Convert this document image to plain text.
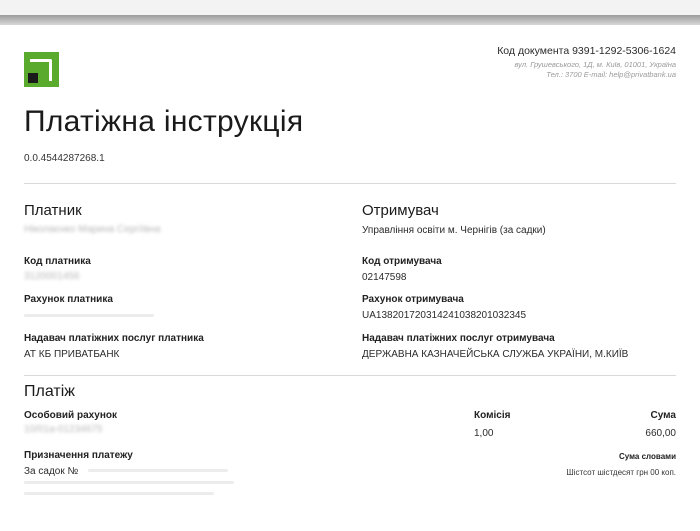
Код документа 9391-1292-5306-1624
вул. Грушевського, 1Д, м. Київ, 01001, Україна
Тел.: 3700 E-mail: help@privatbank.ua
Платіжна інструкція
0.0.4544287268.1
Платник
Ніколаєнко Марина Сергіївна
Код платника
3120001456
Рахунок платника
Надавач платіжних послуг платника
АТ КБ ПРИВАТБАНК
Отримувач
Управління освіти м. Чернігів (за садки)
Код отримувача
02147598
Рахунок отримувача
UA138201720314241038201032345
Надавач платіжних послуг отримувача
ДЕРЖАВНА КАЗНАЧЕЙСЬКА СЛУЖБА УКРАЇНИ, М.КИЇВ
Платіж
Особовий рахунок
10/01a-01234675
Комісія
1,00
Сума
660,00
Призначення платежу
За садок №
Сума словами
Шістсот шістдесят грн 00 коп.
